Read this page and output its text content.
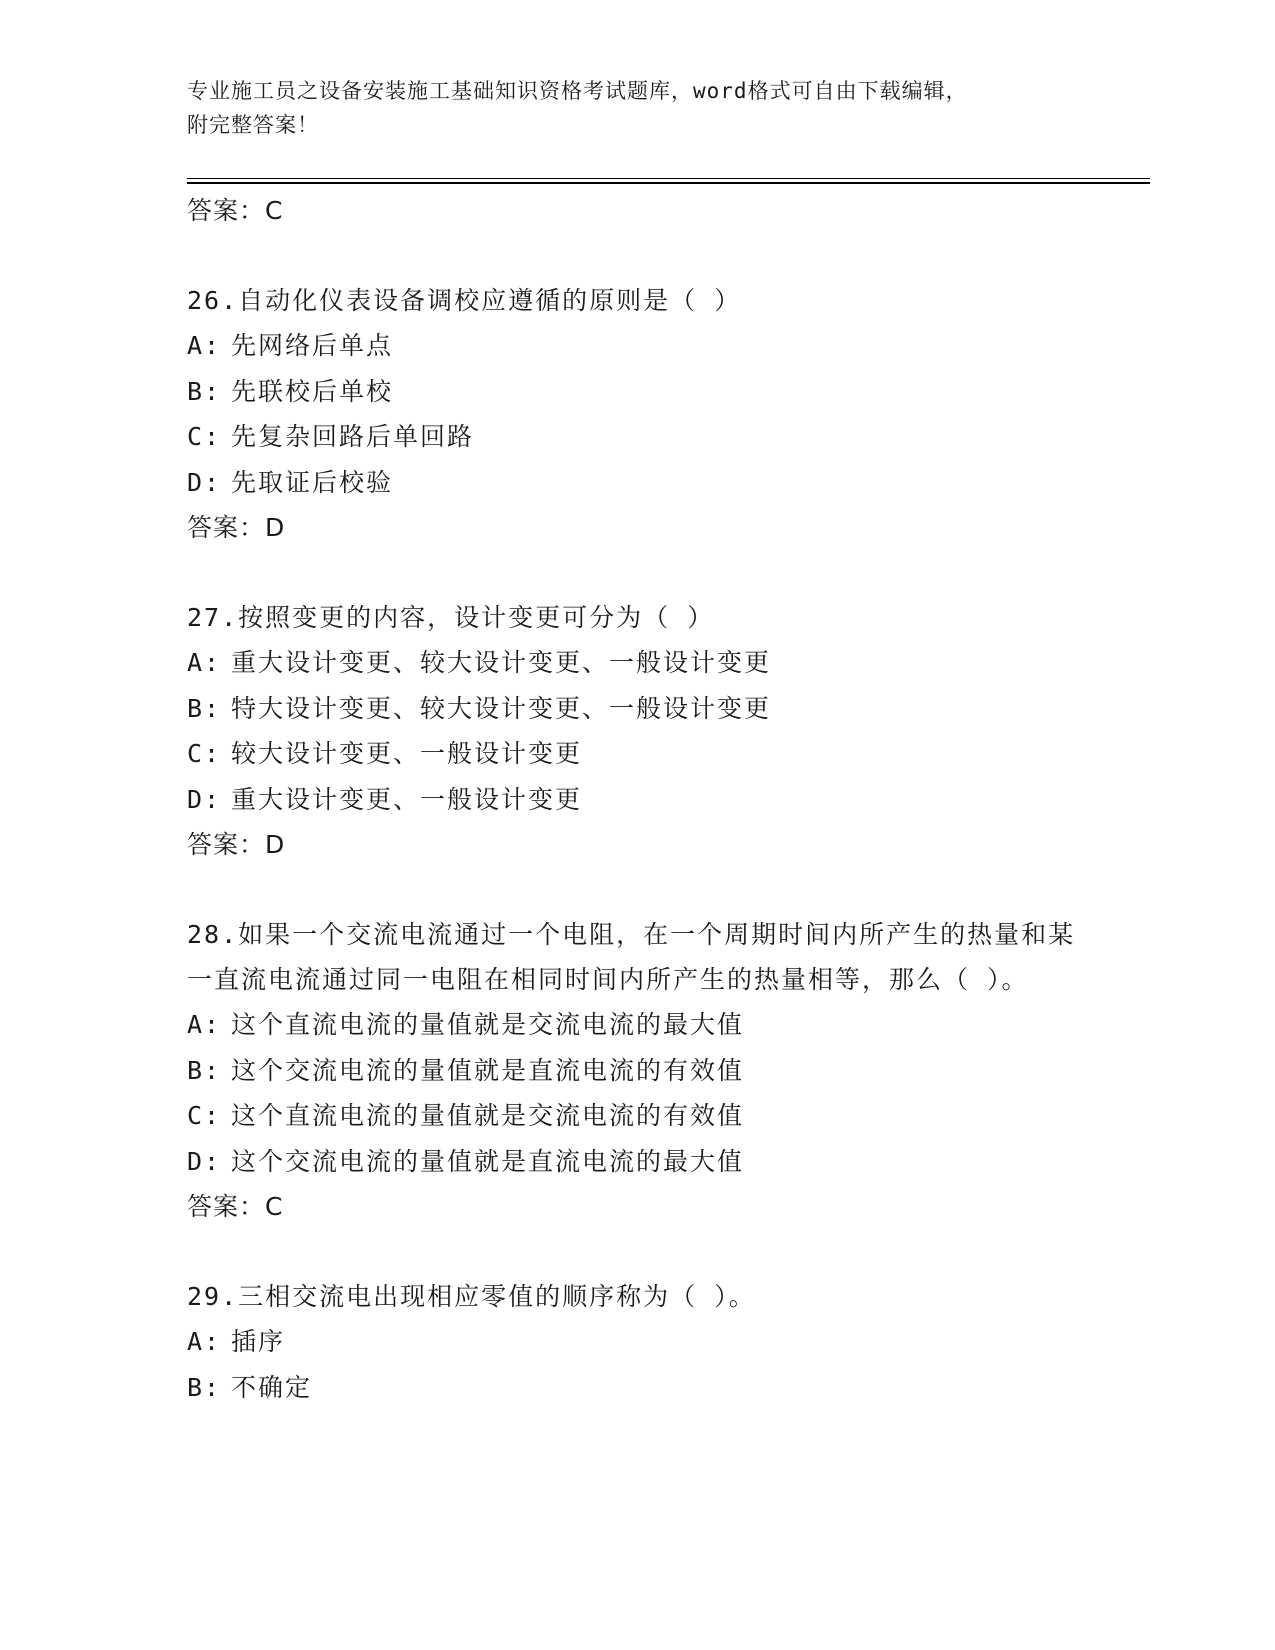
专业施工员之设备安装施工基础知识资格考试题库，word格式可自由下载编辑，
附完整答案！
答案：C
26.自动化仪表设备调校应遵循的原则是（ ）
A: 先网络后单点
B: 先联校后单校
C: 先复杂回路后单回路
D: 先取证后校验
答案：D
27.按照变更的内容，设计变更可分为（ ）
A: 重大设计变更、较大设计变更、一般设计变更
B: 特大设计变更、较大设计变更、一般设计变更
C: 较大设计变更、一般设计变更
D: 重大设计变更、一般设计变更
答案：D
28.如果一个交流电流通过一个电阻，在一个周期时间内所产生的热量和某一直流电流通过同一电阻在相同时间内所产生的热量相等，那么（ ）。
A: 这个直流电流的量值就是交流电流的最大值
B: 这个交流电流的量值就是直流电流的有效值
C: 这个直流电流的量值就是交流电流的有效值
D: 这个交流电流的量值就是直流电流的最大值
答案：C
29.三相交流电出现相应零值的顺序称为（ ）。
A: 插序
B: 不确定
